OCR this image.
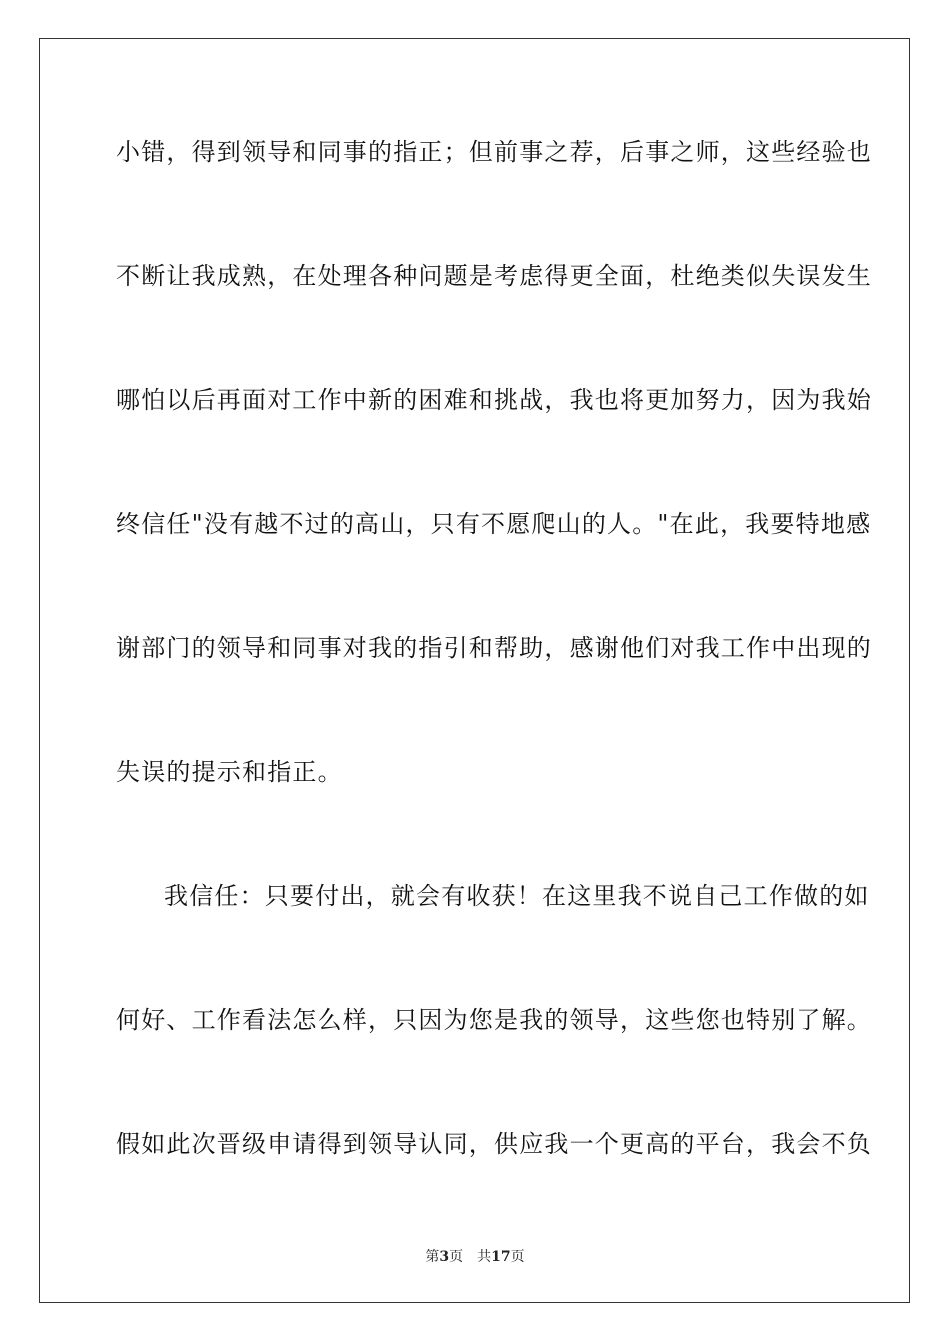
小错，得到领导和同事的指正；但前事之荐，后事之师，这些经验也
不断让我成熟，在处理各种问题是考虑得更全面，杜绝类似失误发生
哪怕以后再面对工作中新的困难和挑战，我也将更加努力，因为我始
终信任"没有越不过的高山，只有不愿爬山的人。"在此，我要特地感
谢部门的领导和同事对我的指引和帮助，感谢他们对我工作中出现的
失误的提示和指正。
我信任：只要付出，就会有收获！在这里我不说自己工作做的如
何好、工作看法怎么样，只因为您是我的领导，这些您也特别了解。
假如此次晋级申请得到领导认同，供应我一个更高的平台，我会不负
第3页 共17页
